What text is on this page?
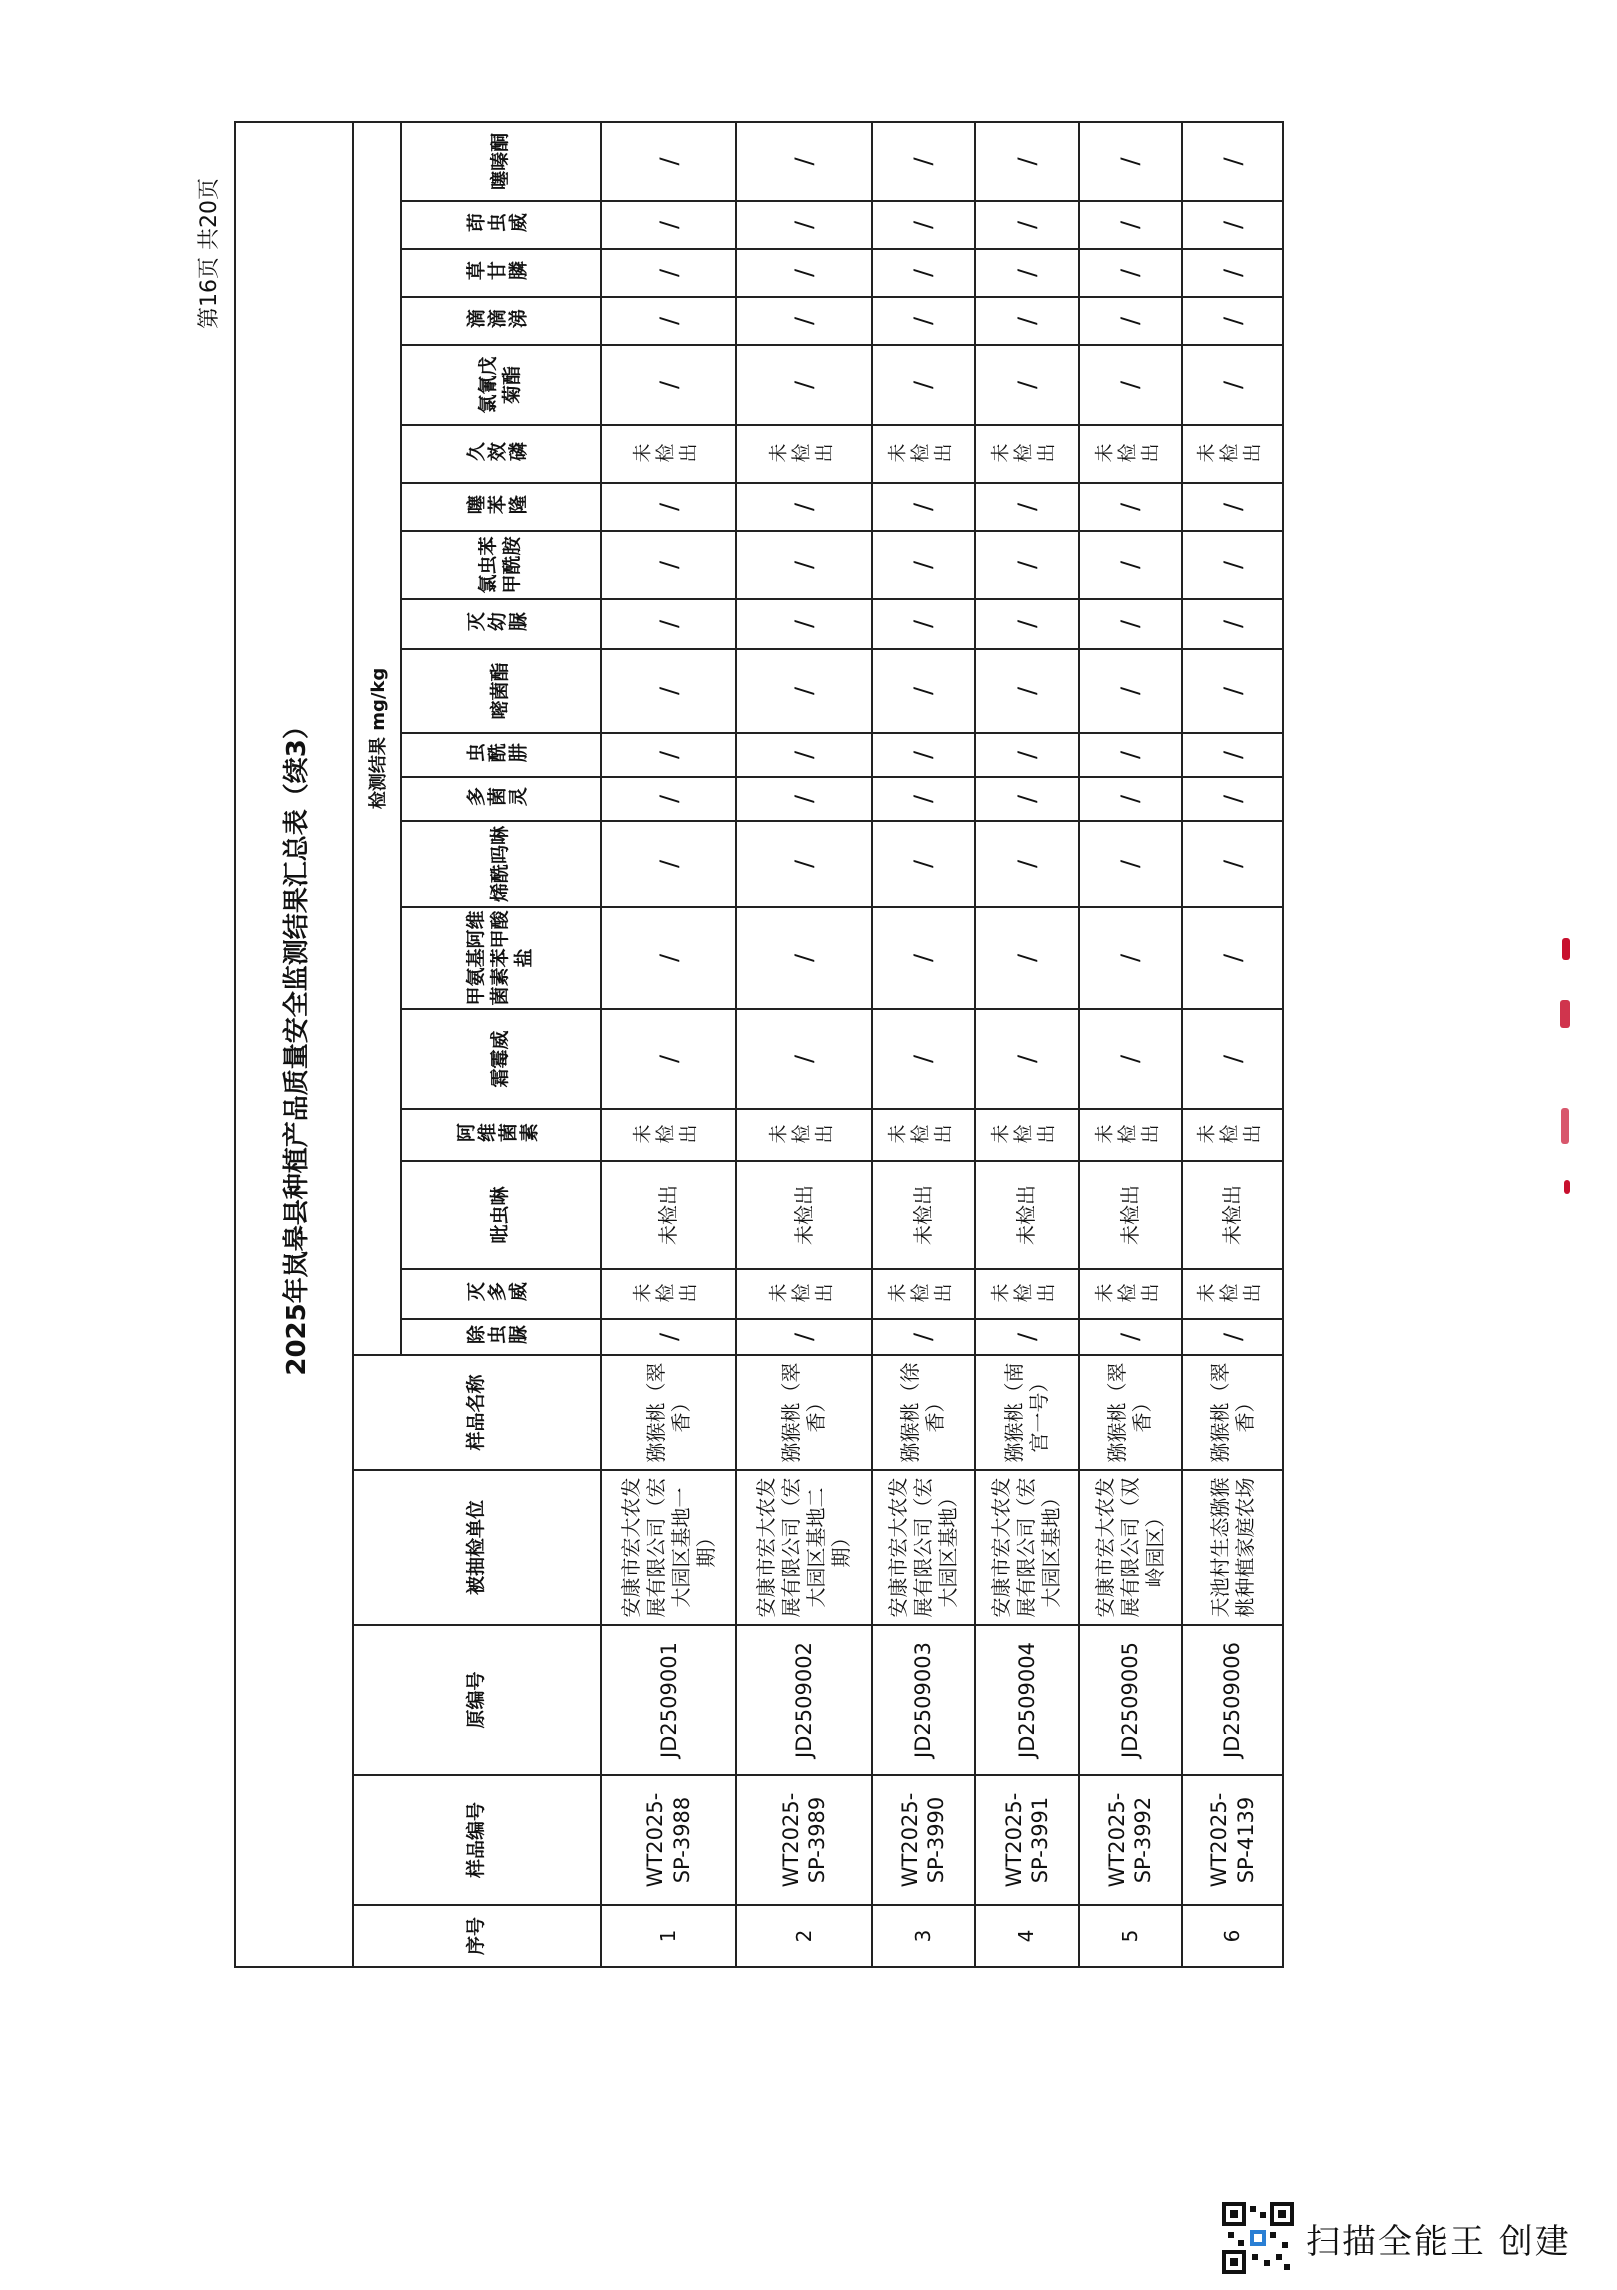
第16页 共20页
2025年岚皋县种植产品质量安全监测结果汇总表（续3）																							
序号	样品编号	原编号	被抽检单位	样品名称	检测结果 mg/kg																		
					除虫脲	灭多威	吡虫啉	阿维菌素	霜霉威	甲氨基阿维菌素苯甲酸盐	烯酰吗啉	多菌灵	虫酰肼	嘧菌酯	灭幼脲	氯虫苯甲酰胺	噻苯隆	久效磷	氯氰戊菊酯	滴滴涕	草甘膦	茚虫威	噻嗪酮
1	WT2025-SP-3988	JD2509001	安康市宏大农发展有限公司（宏大园区基地一期）	猕猴桃（翠香）	/	未检出	未检出	未检出	/	/	/	/	/	/	/	/	/	未检出	/	/	/	/	/
2	WT2025-SP-3989	JD2509002	安康市宏大农发展有限公司（宏大园区基地二期）	猕猴桃（翠香）	/	未检出	未检出	未检出	/	/	/	/	/	/	/	/	/	未检出	/	/	/	/	/
3	WT2025-SP-3990	JD2509003	安康市宏大农发展有限公司（宏大园区基地）	猕猴桃（徐香）	/	未检出	未检出	未检出	/	/	/	/	/	/	/	/	/	未检出	/	/	/	/	/
4	WT2025-SP-3991	JD2509004	安康市宏大农发展有限公司（宏大园区基地）	猕猴桃（南宫一号）	/	未检出	未检出	未检出	/	/	/	/	/	/	/	/	/	未检出	/	/	/	/	/
5	WT2025-SP-3992	JD2509005	安康市宏大农发展有限公司（双岭园区）	猕猴桃（翠香）	/	未检出	未检出	未检出	/	/	/	/	/	/	/	/	/	未检出	/	/	/	/	/
6	WT2025-SP-4139	JD2509006	天池村生态猕猴桃种植家庭农场	猕猴桃（翠香）	/	未检出	未检出	未检出	/	/	/	/	/	/	/	/	/	未检出	/	/	/	/	/
扫描全能王 创建
